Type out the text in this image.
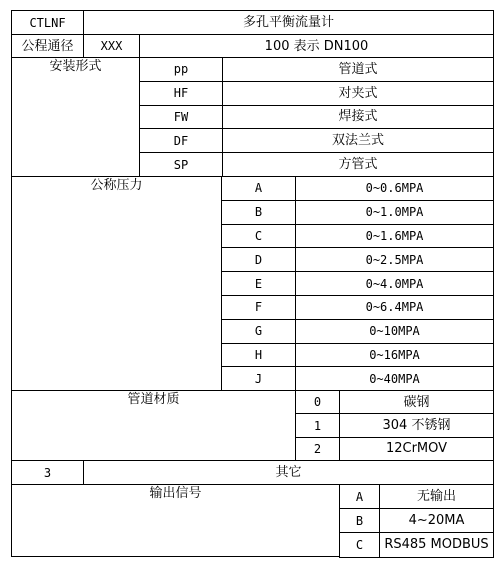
CTLNF	多孔平衡流量计
公程通径	XXX	100 表示 DN100
安装形式	pp	管道式
HF	对夹式
FW	焊接式
DF	双法兰式
SP	方管式
公称压力	A	0~0.6MPA
B	0~1.0MPA
C	0~1.6MPA
D	0~2.5MPA
E	0~4.0MPA
F	0~6.4MPA
G	0~10MPA
H	0~16MPA
J	0~40MPA
管道材质	0	碳钢
1	304 不锈钢
2	12CrMOV
3	其它
输出信号	A	无输出
B	4~20MA
C	RS485 MODBUS
